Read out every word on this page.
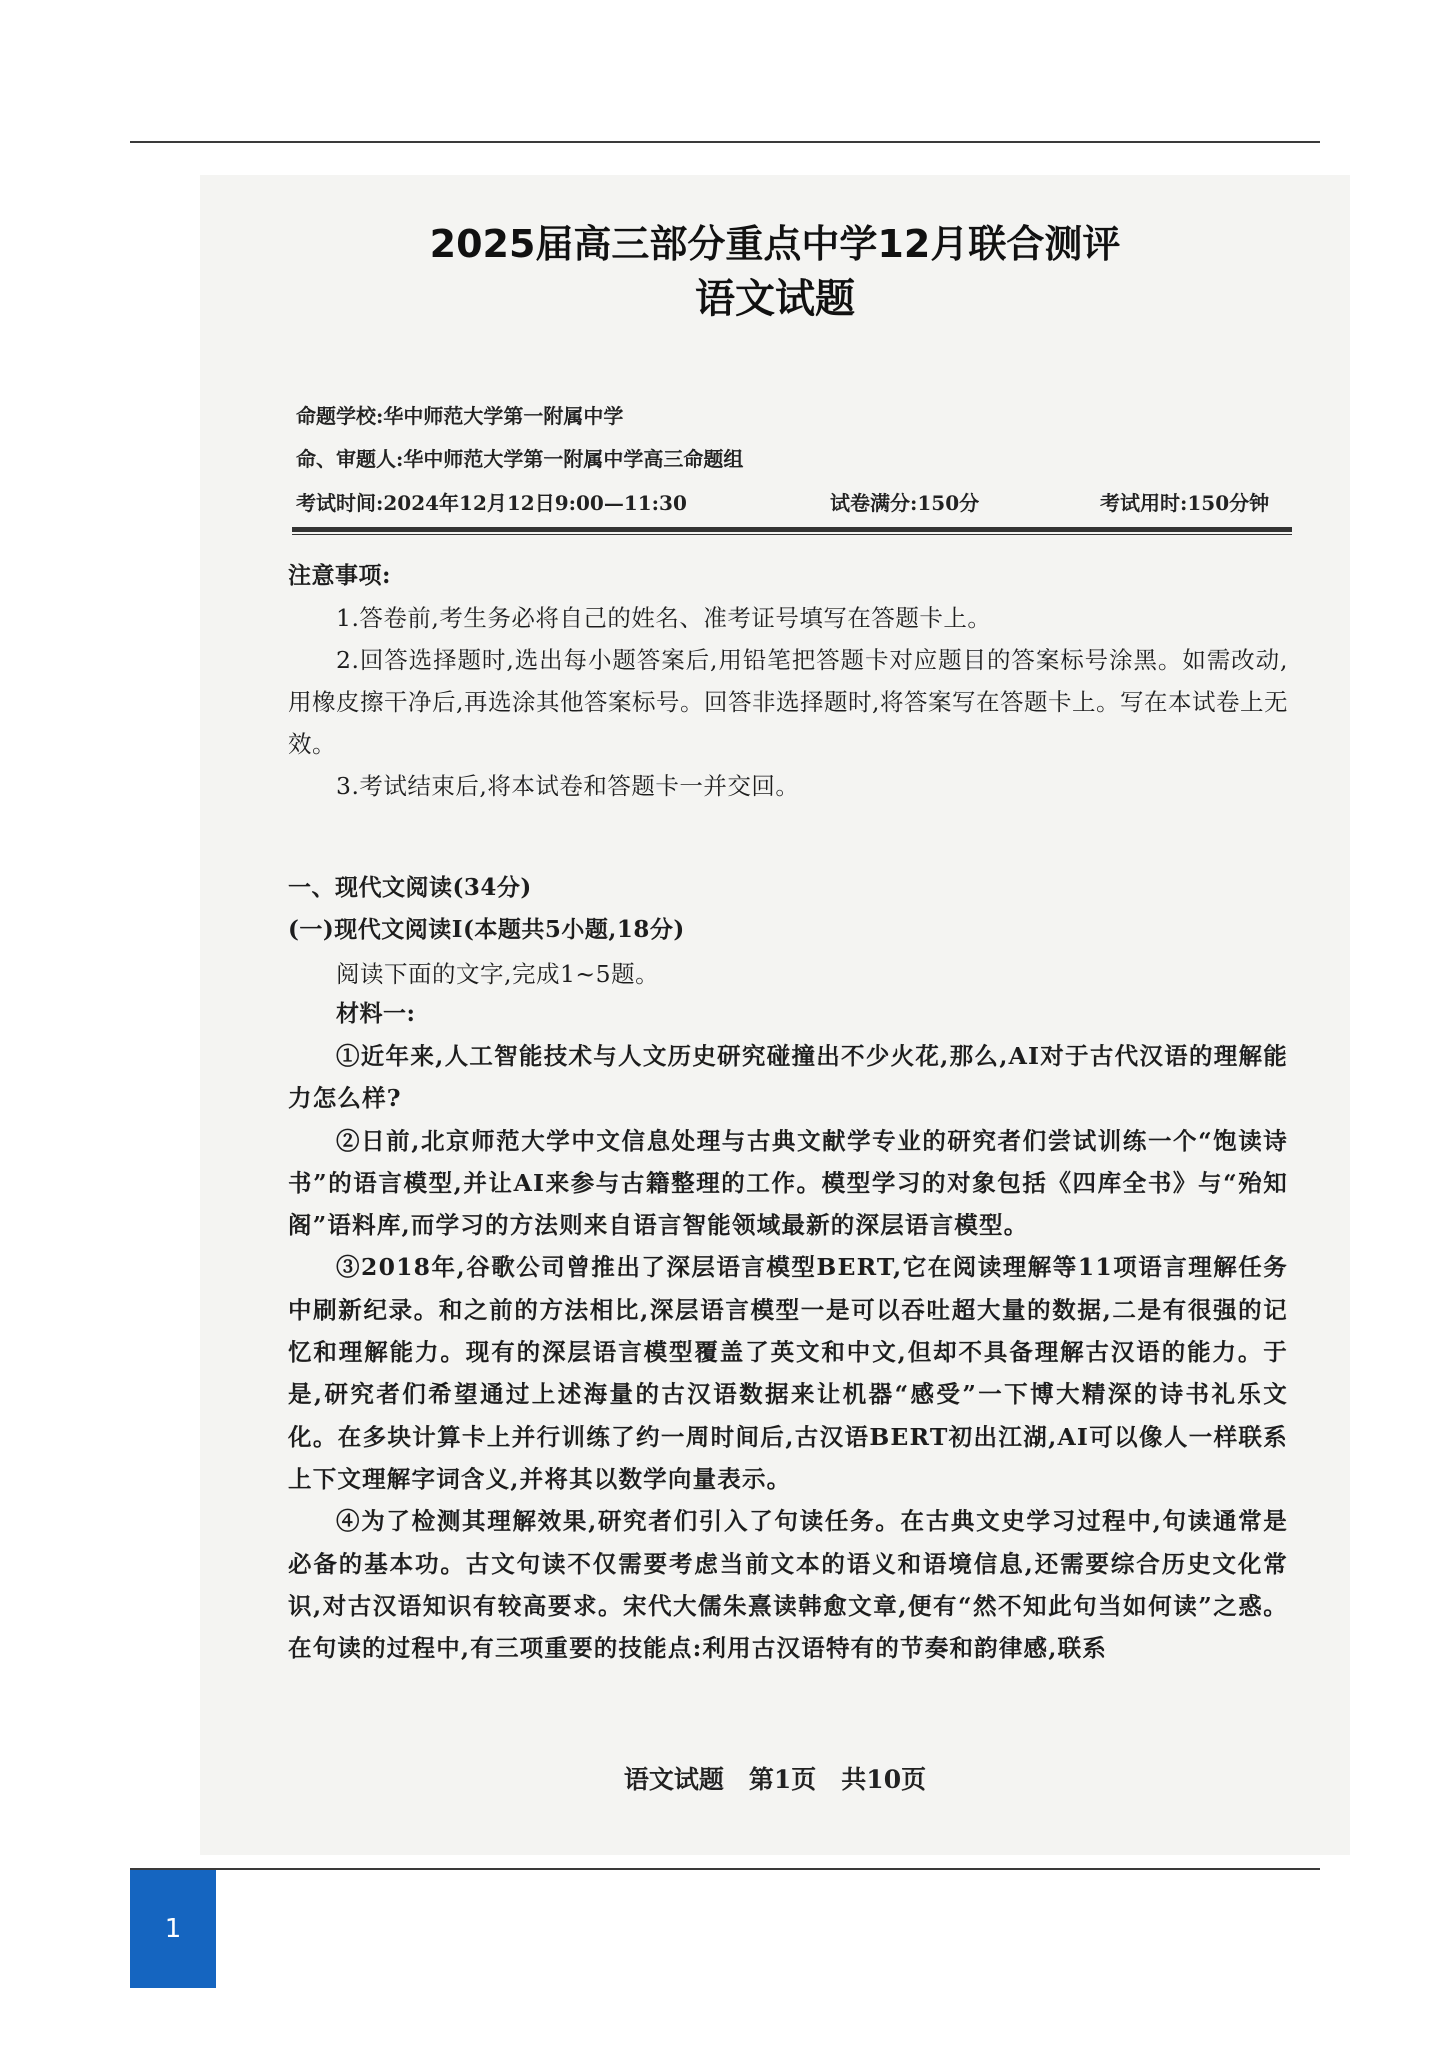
2025届高三部分重点中学12月联合测评
语文试题
命题学校:华中师范大学第一附属中学
命、审题人:华中师范大学第一附属中学高三命题组
考试时间:2024年12月12日9:00—11:30	试卷满分:150分	考试用时:150分钟
注意事项:

1.答卷前,考生务必将自己的姓名、准考证号填写在答题卡上。

2.回答选择题时,选出每小题答案后,用铅笔把答题卡对应题目的答案标号涂黑。如需改动,用橡皮擦干净后,再选涂其他答案标号。回答非选择题时,将答案写在答题卡上。写在本试卷上无效。

3.考试结束后,将本试卷和答题卡一并交回。

一、现代文阅读(34分)
(一)现代文阅读Ⅰ(本题共5小题,18分)
阅读下面的文字,完成1~5题。
材料一:

①近年来,人工智能技术与人文历史研究碰撞出不少火花,那么,AI对于古代汉语的理解能力怎么样?

②日前,北京师范大学中文信息处理与古典文献学专业的研究者们尝试训练一个“饱读诗书”的语言模型,并让AI来参与古籍整理的工作。模型学习的对象包括《四库全书》与“殆知阁”语料库,而学习的方法则来自语言智能领域最新的深层语言模型。

③2018年,谷歌公司曾推出了深层语言模型BERT,它在阅读理解等11项语言理解任务中刷新纪录。和之前的方法相比,深层语言模型一是可以吞吐超大量的数据,二是有很强的记忆和理解能力。现有的深层语言模型覆盖了英文和中文,但却不具备理解古汉语的能力。于是,研究者们希望通过上述海量的古汉语数据来让机器“感受”一下博大精深的诗书礼乐文化。在多块计算卡上并行训练了约一周时间后,古汉语BERT初出江湖,AI可以像人一样联系上下文理解字词含义,并将其以数学向量表示。

④为了检测其理解效果,研究者们引入了句读任务。在古典文史学习过程中,句读通常是必备的基本功。古文句读不仅需要考虑当前文本的语义和语境信息,还需要综合历史文化常识,对古汉语知识有较高要求。宋代大儒朱熹读韩愈文章,便有“然不知此句当如何读”之惑。在句读的过程中,有三项重要的技能点:利用古汉语特有的节奏和韵律感,联系

语文试题　第1页　共10页
1
